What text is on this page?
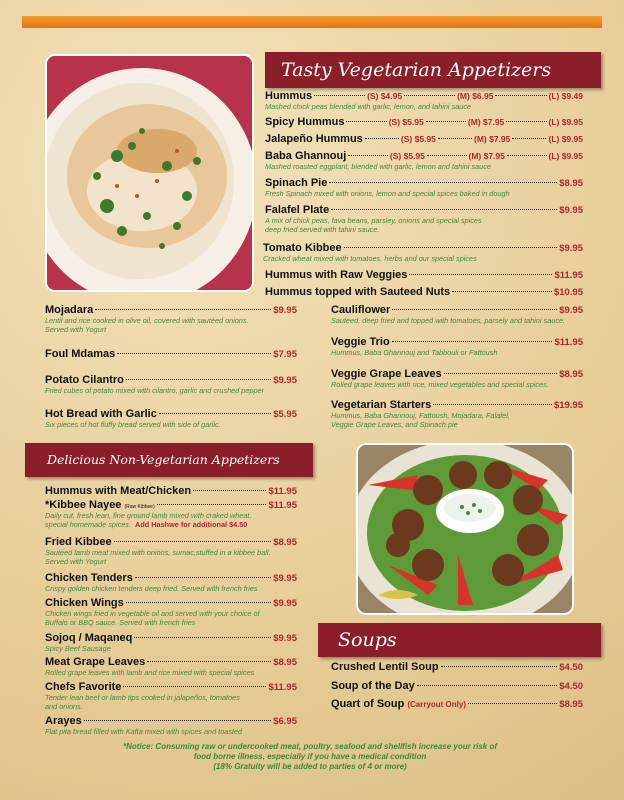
Tasty Vegetarian Appetizers
Hummus	(S) $4.95	(M) $6.95	(L) $9.49
Mashed chick peas blended with garlic, lemon, and tahini sauce
Spicy Hummus	(S) $5.95	(M) $7.95	(L) $9.95
Jalapeño Hummus	(S) $5.95	(M) $7.95	(L) $9.95
Baba Ghannouj	(S) $5.95	(M) $7.95	(L) $9.95
Mashed roasted eggplant, blended with garlic, lemon and tahini sauce
Spinach Pie	$8.95
Fresh Spinach mixed with onions, lemon and special spices baked in dough
Falafel Plate	$9.95
A mix of chick peas, fava beans, parsley, onions and special spices
deep fried served with tahini sauce.
Tomato Kibbee	$9.95
Cracked wheat mixed with tomatoes, herbs and our special spices
Hummus with Raw Veggies	$11.95
Hummus topped with Sauteed Nuts	$10.95
Mojadara	$9.95
Lentil and rice cooked in olive oil, covered with sautéed onions.
Served with Yogurt
Foul Mdamas	$7.95
Potato Cilantro	$9.95
Fried cubes of potato mixed with cilantro, garlic and crushed pepper
Hot Bread with Garlic	$5.95
Six pieces of hot fluffy bread served with side of garlic.
Cauliflower	$9.95
Sauteed, deep fried and topped with tomatoes, parsely and tahini sauce.
Veggie Trio	$11.95
Hummus, Baba Ghannouj and Tabbouli or Fattoush
Veggie Grape Leaves	$8.95
Rolled grape leaves with rice, mixed vegetables and special spices.
Vegetarian Starters	$19.95
Hummus, Baba Ghannouj, Fattoush, Mojadara, Falafel,
Veggie Grape Leaves, and Spinach pie
Delicious Non-Vegetarian Appetizers
Hummus with Meat/Chicken	$11.95
*Kibbee Nayee (Raw Kibbee)	$11.95
Daily cut, fresh lean, fine ground lamb mixed with craked wheat,
special homemade spices. Add Hashwe for additional $4.50
Fried Kibbee	$8.95
Sautéed lamb meat mixed with onions, sumac,stuffed in a kibbee ball.
Served with Yogurt
Chicken Tenders	$9.95
Crispy golden chicken tenders deep fried. Served with french fries
Chicken Wings	$9.95
Chicken wings fried in vegetable oil and served with your choice of
Buffalo or BBQ sauce. Served with french fries
Sojoq / Maqaneq	$9.95
Spicy Beef Sausage
Meat Grape Leaves	$8.95
Rolled grape leaves with lamb and rice mixed with special spices
Chefs Favorite	$11.95
Tender lean beef or lamb tips cooked in jalapeños, tomatoes
and onions.
Arayes	$6.95
Flat pita bread filled with Kafta mixed with spices and toasted
Soups
Crushed Lentil Soup	$4.50
Soup of the Day	$4.50
Quart of Soup (Carryout Only)	$8.95
*Notice: Consuming raw or undercooked meat, poultry, seafood and shellfish increase your risk of
food borne illness, especially if you have a medical condition
(18% Gratuity will be added to parties of 4 or more)
